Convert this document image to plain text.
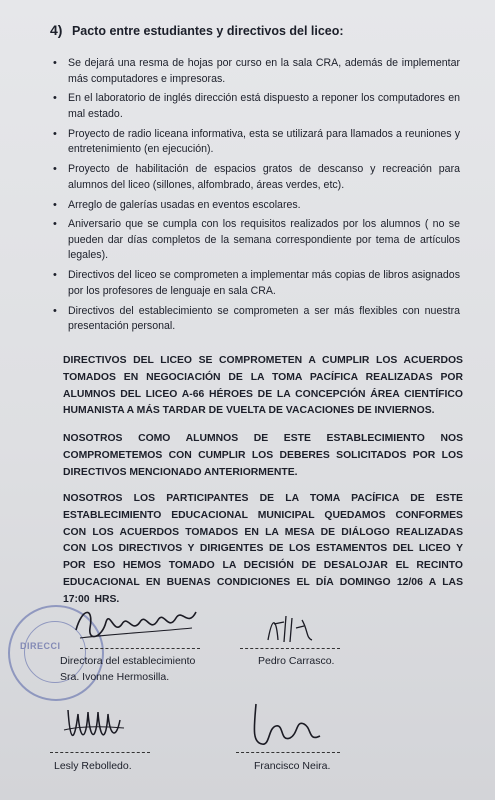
4) Pacto entre estudiantes y directivos del liceo:
• Se dejará una resma de hojas por curso en la sala CRA, además de implementar más computadores e impresoras.
• En el laboratorio de inglés dirección está dispuesto a reponer los computadores en mal estado.
• Proyecto de radio liceana informativa, esta se utilizará para llamados a reuniones y entretenimiento (en ejecución).
• Proyecto de habilitación de espacios gratos de descanso y recreación para alumnos del liceo (sillones, alfombrado, áreas verdes, etc).
• Arreglo de galerías usadas en eventos escolares.
• Aniversario que se cumpla con los requisitos realizados por los alumnos ( no se pueden dar días completos de la semana correspondiente por tema de artículos legales).
• Directivos del liceo se comprometen a implementar más copias de libros asignados por los profesores de lenguaje en sala CRA.
• Directivos del establecimiento se comprometen a ser más flexibles con nuestra presentación personal.
DIRECTIVOS DEL LICEO SE COMPROMETEN A CUMPLIR LOS ACUERDOS TOMADOS EN NEGOCIACIÓN DE LA TOMA PACÍFICA REALIZADAS POR ALUMNOS DEL LICEO A-66 HÉROES DE LA CONCEPCIÓN ÁREA CIENTÍFICO HUMANISTA A MÁS TARDAR DE VUELTA DE VACACIONES DE INVIERNOS.
NOSOTROS COMO ALUMNOS DE ESTE ESTABLECIMIENTO NOS COMPROMETEMOS CON CUMPLIR LOS DEBERES SOLICITADOS POR LOS DIRECTIVOS MENCIONADO ANTERIORMENTE.
NOSOTROS LOS PARTICIPANTES DE LA TOMA PACÍFICA DE ESTE ESTABLECIMIENTO EDUCACIONAL MUNICIPAL QUEDAMOS CONFORMES CON LOS ACUERDOS TOMADOS EN LA MESA DE DIÁLOGO REALIZADAS CON LOS DIRECTIVOS Y DIRIGENTES DE LOS ESTAMENTOS DEL LICEO Y POR ESO HEMOS TOMADO LA DECISIÓN DE DESALOJAR EL RECINTO EDUCACIONAL EN BUENAS CONDICIONES EL DÍA DOMINGO 12/06 A LAS 17:00 HRS.
DIRECCI
Directora del establecimiento
Sra. Ivonne Hermosilla.
Pedro Carrasco.
Lesly Rebolledo.	Francisco Neira.
